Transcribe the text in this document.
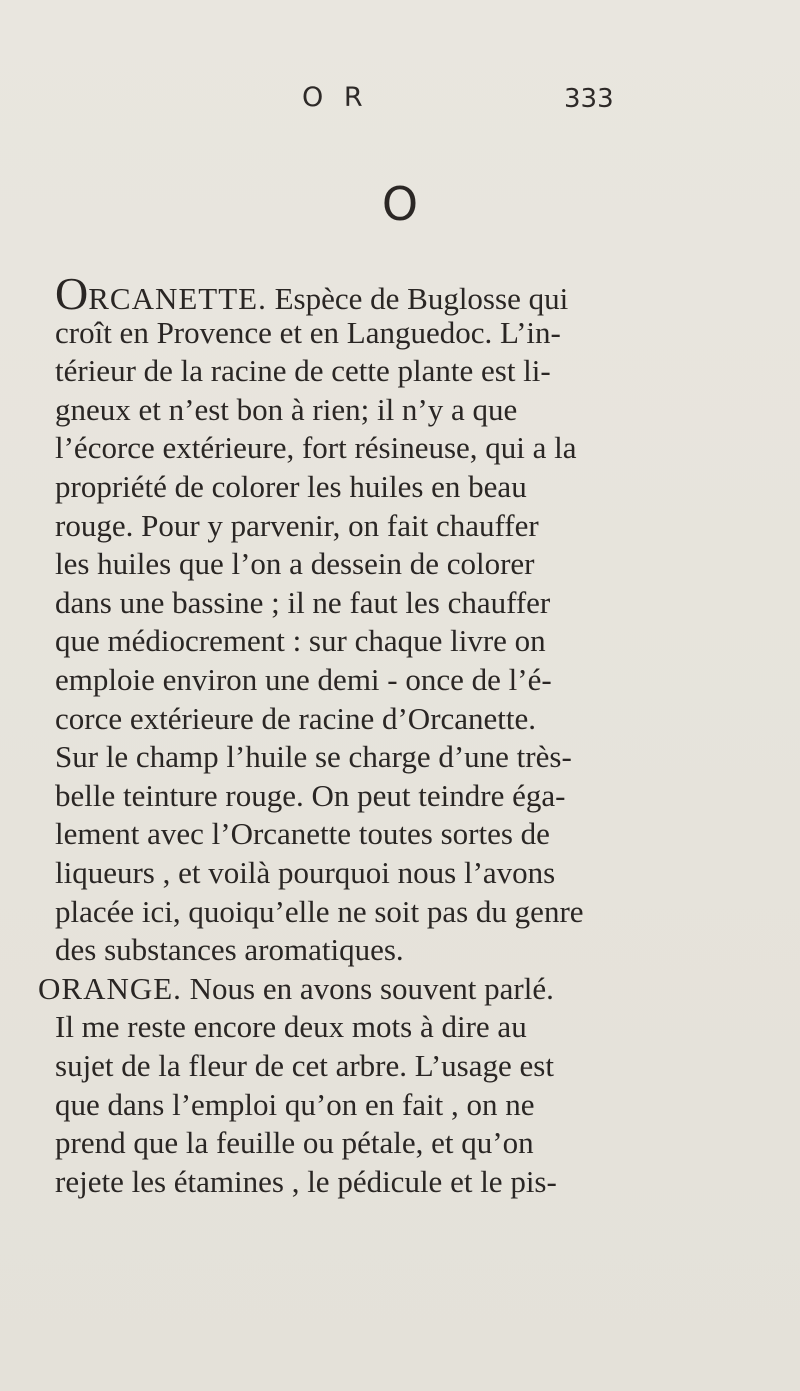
O R	333
O
ORCANETTE. Espèce de Buglosse qui
croît en Provence et en Languedoc. L’in-
térieur de la racine de cette plante est li-
gneux et n’est bon à rien; il n’y a que
l’écorce extérieure, fort résineuse, qui a la
propriété de colorer les huiles en beau
rouge. Pour y parvenir, on fait chauffer
les huiles que l’on a dessein de colorer
dans une bassine ; il ne faut les chauffer
que médiocrement : sur chaque livre on
emploie environ une demi - once de l’é-
corce extérieure de racine d’Orcanette.
Sur le champ l’huile se charge d’une très-
belle teinture rouge. On peut teindre éga-
lement avec l’Orcanette toutes sortes de
liqueurs , et voilà pourquoi nous l’avons
placée ici, quoiqu’elle ne soit pas du genre
des substances aromatiques.
ORANGE. Nous en avons souvent parlé.
Il me reste encore deux mots à dire au
sujet de la fleur de cet arbre. L’usage est
que dans l’emploi qu’on en fait , on ne
prend que la feuille ou pétale, et qu’on
rejete les étamines , le pédicule et le pis-
